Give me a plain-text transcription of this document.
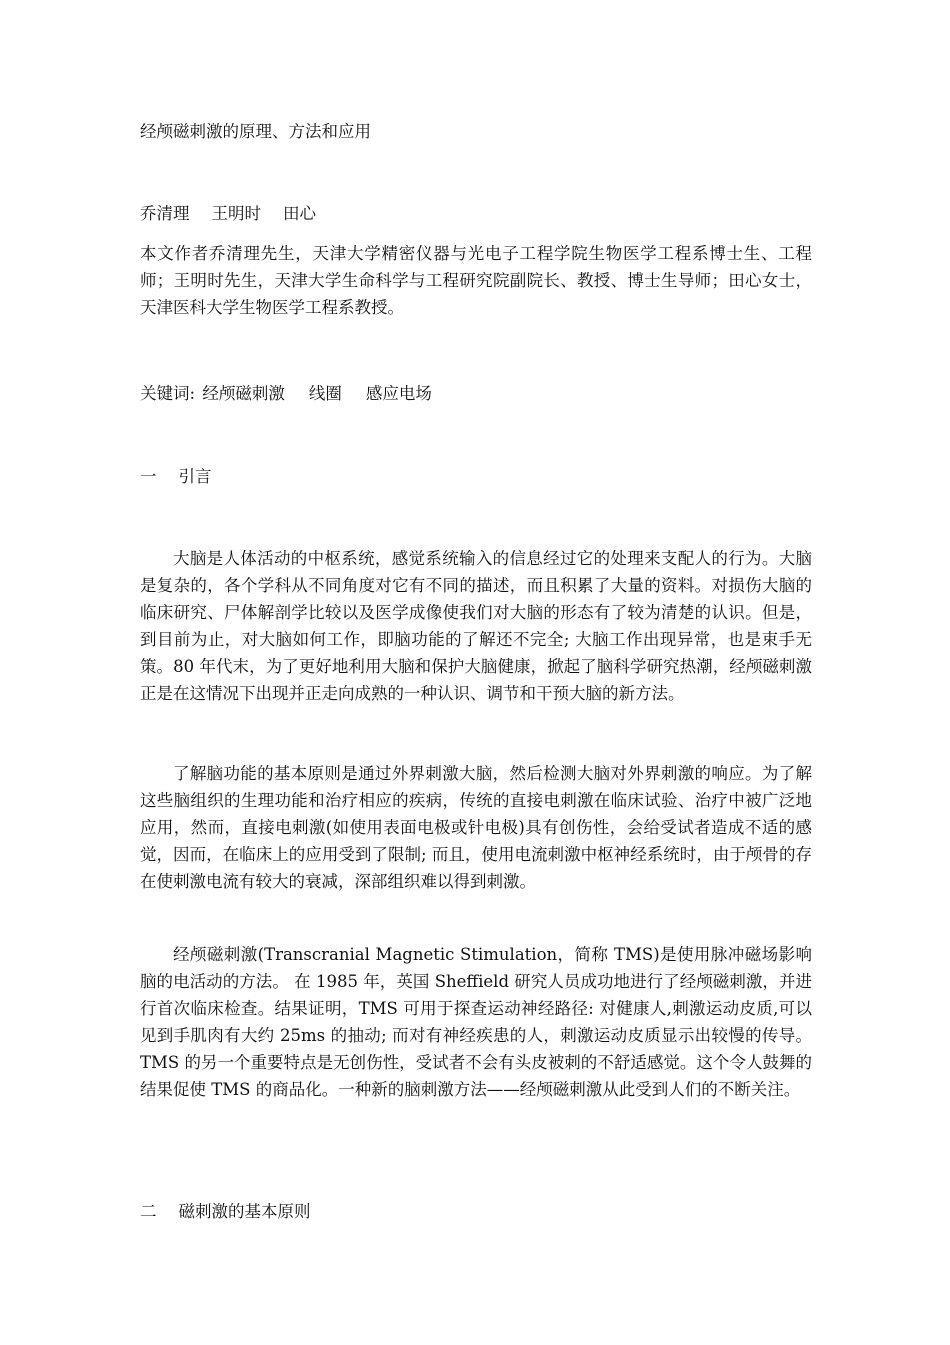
经颅磁刺激的原理、方法和应用

乔清理 王明时 田心

本文作者乔清理先生，天津大学精密仪器与光电子工程学院生物医学工程系博士生、工程师；王明时先生，天津大学生命科学与工程研究院副院长、教授、博士生导师；田心女士，天津医科大学生物医学工程系教授。

关键词: 经颅磁刺激 线圈 感应电场

一 引言

大脑是人体活动的中枢系统，感觉系统输入的信息经过它的处理来支配人的行为。大脑是复杂的，各个学科从不同角度对它有不同的描述，而且积累了大量的资料。对损伤大脑的临床研究、尸体解剖学比较以及医学成像使我们对大脑的形态有了较为清楚的认识。但是，到目前为止，对大脑如何工作，即脑功能的了解还不完全; 大脑工作出现异常，也是束手无策。80 年代末，为了更好地利用大脑和保护大脑健康，掀起了脑科学研究热潮，经颅磁刺激正是在这情况下出现并正走向成熟的一种认识、调节和干预大脑的新方法。

了解脑功能的基本原则是通过外界刺激大脑，然后检测大脑对外界刺激的响应。为了解这些脑组织的生理功能和治疗相应的疾病，传统的直接电刺激在临床试验、治疗中被广泛地应用，然而，直接电刺激(如使用表面电极或针电极)具有创伤性，会给受试者造成不适的感觉，因而，在临床上的应用受到了限制; 而且，使用电流刺激中枢神经系统时，由于颅骨的存在使刺激电流有较大的衰减，深部组织难以得到刺激。

经颅磁刺激(Transcranial Magnetic Stimulation，简称 TMS)是使用脉冲磁场影响脑的电活动的方法。 在 1985 年，英国 Sheffield 研究人员成功地进行了经颅磁刺激，并进行首次临床检查。结果证明，TMS 可用于探查运动神经路径: 对健康人,刺激运动皮质,可以见到手肌肉有大约 25ms 的抽动; 而对有神经疾患的人，刺激运动皮质显示出较慢的传导。TMS 的另一个重要特点是无创伤性，受试者不会有头皮被刺的不舒适感觉。这个令人鼓舞的结果促使 TMS 的商品化。一种新的脑刺激方法——经颅磁刺激从此受到人们的不断关注。

二 磁刺激的基本原则
